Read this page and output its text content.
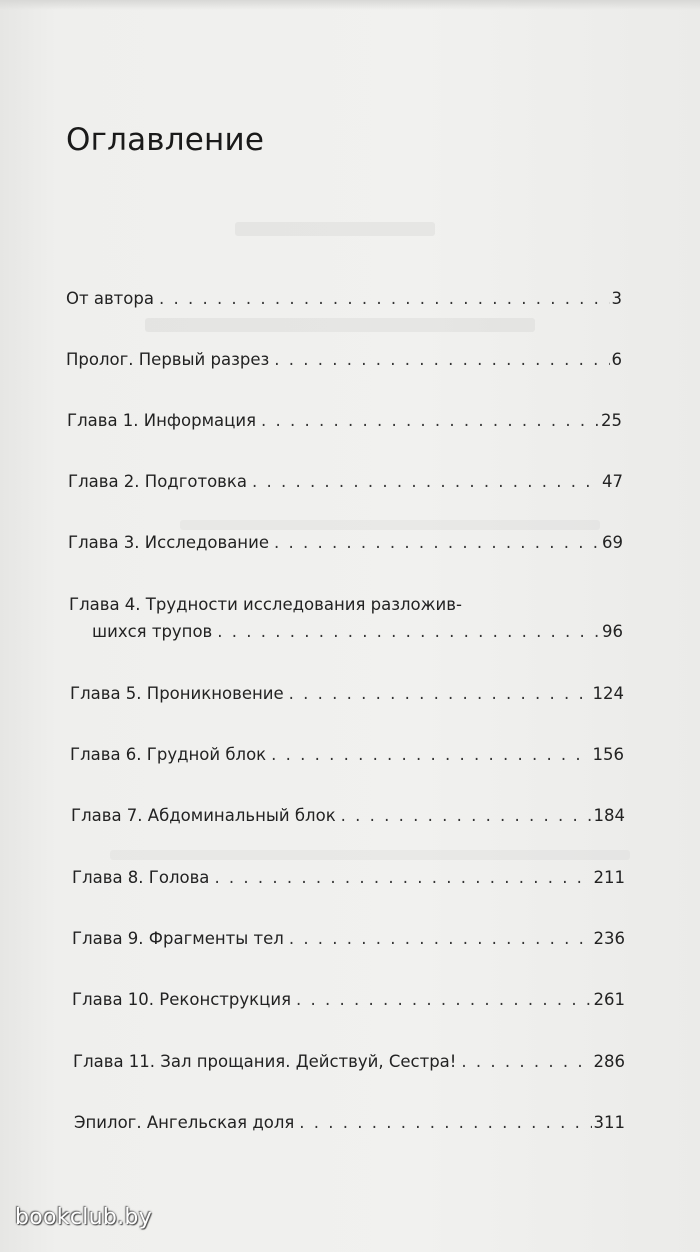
Оглавление
От автора . . .	3
Пролог. Первый разрез . . .	6
Глава 1. Информация . . .	25
Глава 2. Подготовка . . .	47
Глава 3. Исследование . . .	69
Глава 4. Трудности исследования разложив-
шихся трупов . . .	96
Глава 5. Проникновение . . .	124
Глава 6. Грудной блок . . .	156
Глава 7. Абдоминальный блок . . .	184
Глава 8. Голова . . .	211
Глава 9. Фрагменты тел . . .	236
Глава 10. Реконструкция . . .	261
Глава 11. Зал прощания. Действуй, Сестра! . . .	286
Эпилог. Ангельская доля . . .	311
bookclub.by
